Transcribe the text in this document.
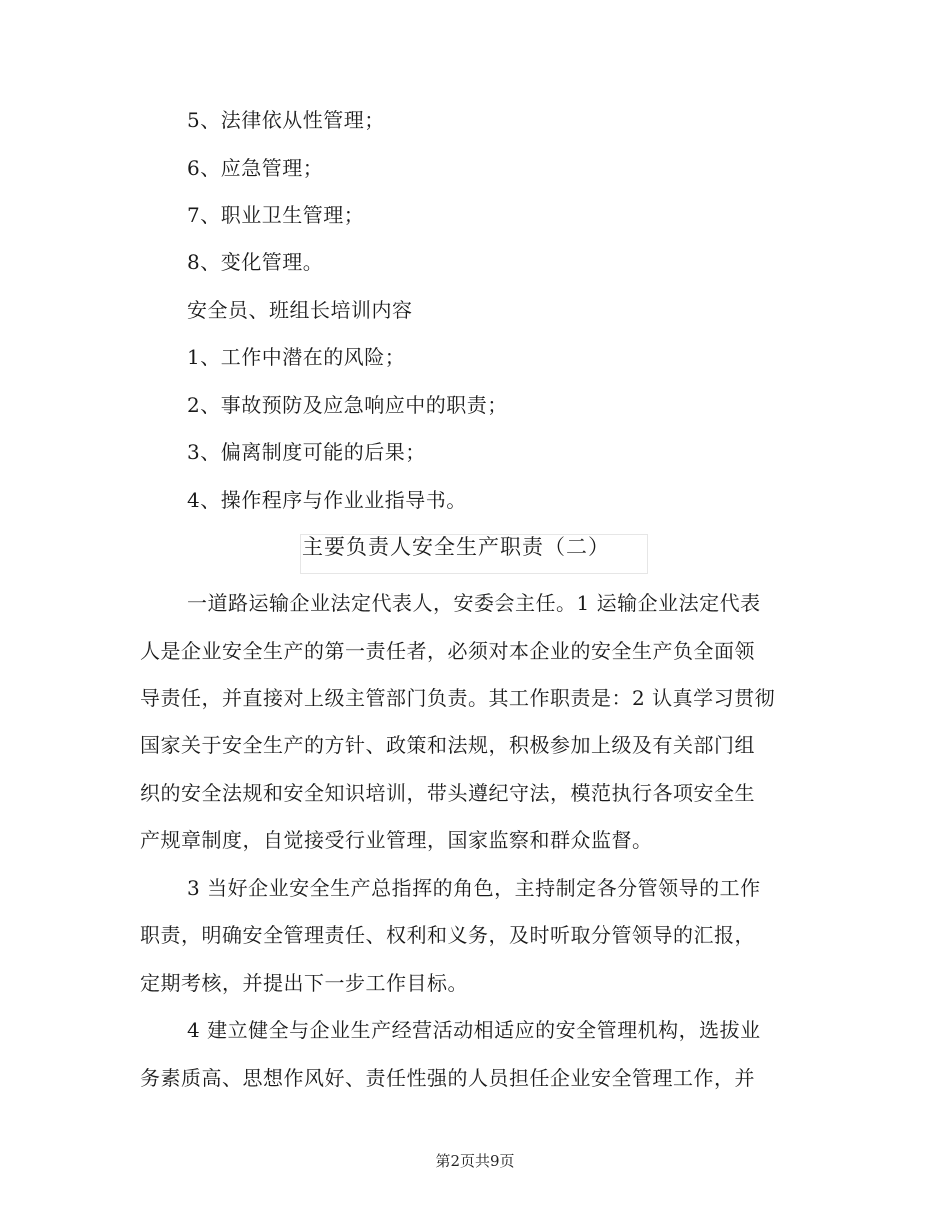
5、法律依从性管理；
6、应急管理；
7、职业卫生管理；
8、变化管理。
安全员、班组长培训内容
1、工作中潜在的风险；
2、事故预防及应急响应中的职责；
3、偏离制度可能的后果；
4、操作程序与作业业指导书。
主要负责人安全生产职责（二）
一道路运输企业法定代表人，安委会主任。1 运输企业法定代表
人是企业安全生产的第一责任者，必须对本企业的安全生产负全面领
导责任，并直接对上级主管部门负责。其工作职责是：2 认真学习贯彻
国家关于安全生产的方针、政策和法规，积极参加上级及有关部门组
织的安全法规和安全知识培训，带头遵纪守法，模范执行各项安全生
产规章制度，自觉接受行业管理，国家监察和群众监督。
3 当好企业安全生产总指挥的角色，主持制定各分管领导的工作
职责，明确安全管理责任、权利和义务，及时听取分管领导的汇报，
定期考核，并提出下一步工作目标。
4 建立健全与企业生产经营活动相适应的安全管理机构，选拔业
务素质高、思想作风好、责任性强的人员担任企业安全管理工作，并
第2页共9页
